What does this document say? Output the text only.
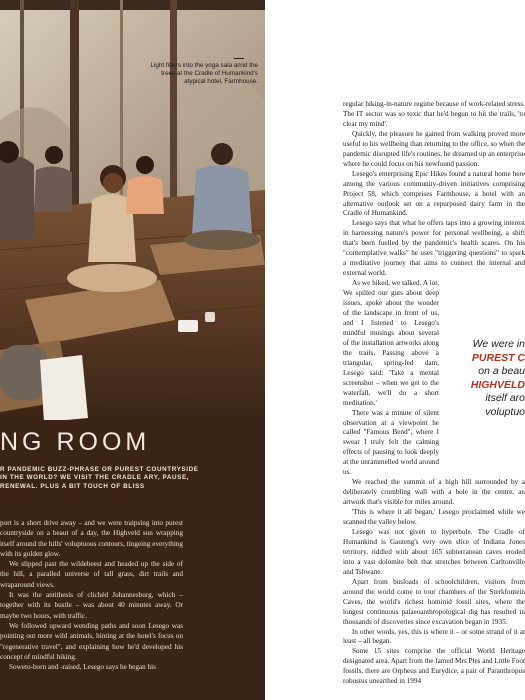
Light filters into the yoga sala amid the trees at the Cradle of Humankind's atypical hotel, Farmhouse.
NG ROOM
R PANDEMIC BUZZ-PHRASE OR PUREST COUNTRYSIDE IN THE WORLD? WE VISIT THE CRADLE ARY, PAUSE, RENEWAL. PLUS A BIT TOUCH OF BLISS

port is a short drive away – and we were traipsing into purest countryside on a beaut of a day, the Highveld sun wrapping itself around the hills' voluptuous contours, tingeing everything with its golden glow.

We slipped past the wildebeest and headed up the side of the hill, a paralled universe of tall grass, dirt trails and wraparound views.

It was the antithesis of clichéd Johannesburg, which – together with its bustle – was about 40 minutes away. Or maybe two hours, with traffic.

We followed upward wending paths and soon Lesego was pointing out more wild animals, hinting at the hotel's focus on "regenerative travel", and explaining how he'd developed his concept of mindful hiking.

Soweto-born and -raised, Lesego says he began his

regular hiking-in-nature regime because of work-related stress. The IT sector was so toxic that he'd begun to hit the trails, 'to clear my mind'.

Quickly, the pleasure he gained from walking proved more useful to his wellbeing than returning to the office, so when the pandemic disrupted life's routines, he dreamed up an enterprise where he could focus on his newfound passion.

Lesego's enterprising Epic Hikes found a natural home here among the various community-driven initiatives comprising Project 58, which comprises Farmhouse, a hotel with an alternative outlook set on a repurposed dairy farm in the Cradle of Humankind.

Lesego says that what he offers taps into a growing interest in harnessing nature's power for personal wellbeing, a shift that's been fuelled by the pandemic's health scares. On his "contemplative walks" he uses "triggering questions" to spark a meditative journey that aims to connect the internal and external world.

As we hiked, we talked. A lot. We spilled our guts about deep issues, spoke about the wonder of the landscape in front of us, and I listened to Lesego's mindful musings about several of the installation artworks along the trails. Passing above a triangular, spring-fed dam, Lesego said: 'Take a mental screenshot – when we get to the waterfall, we'll do a short meditation.'

There was a minute of silent observation at a viewpoint he called "Famous Bend", where I swear I truly felt the calming effects of pausing to look deeply at the unrammelled world around us.

We reached the summit of a high hill surrounded by a deliberately crumbling wall with a hole in the centre, an artwork that's visible for miles around.

'This is where it all began,' Lesego proclaimed while we scanned the valley below.

Lesego was not given to hyperbole. The Cradle of Humankind is Gauteng's very own slice of Indiana Jones territory, riddled with about 165 subterranean caves eroded into a vast dolomite belt that stretches between Carltonville and Tshwane.

Apart from busloads of schoolchildren, visitors from around the world come to tour chambers of the Sterkfontein Caves, the world's richest hominid fossil sites, where the longest continuous palaeoanthropological dig has resulted in thousands of discoveries since excavation began in 1935.

In other words, yes, this is where it – or some strand of it at least – all began.

Some 15 sites comprise the official World Heritage designated area. Apart from the famed Mrs Ples and Little Foot fossils, there are Orpheus and Eurydice, a pair of Paranthropus robustus unearthed in 1994

We were in
PUREST C
on a beau
HIGHVELD
itself aro
voluptuo
